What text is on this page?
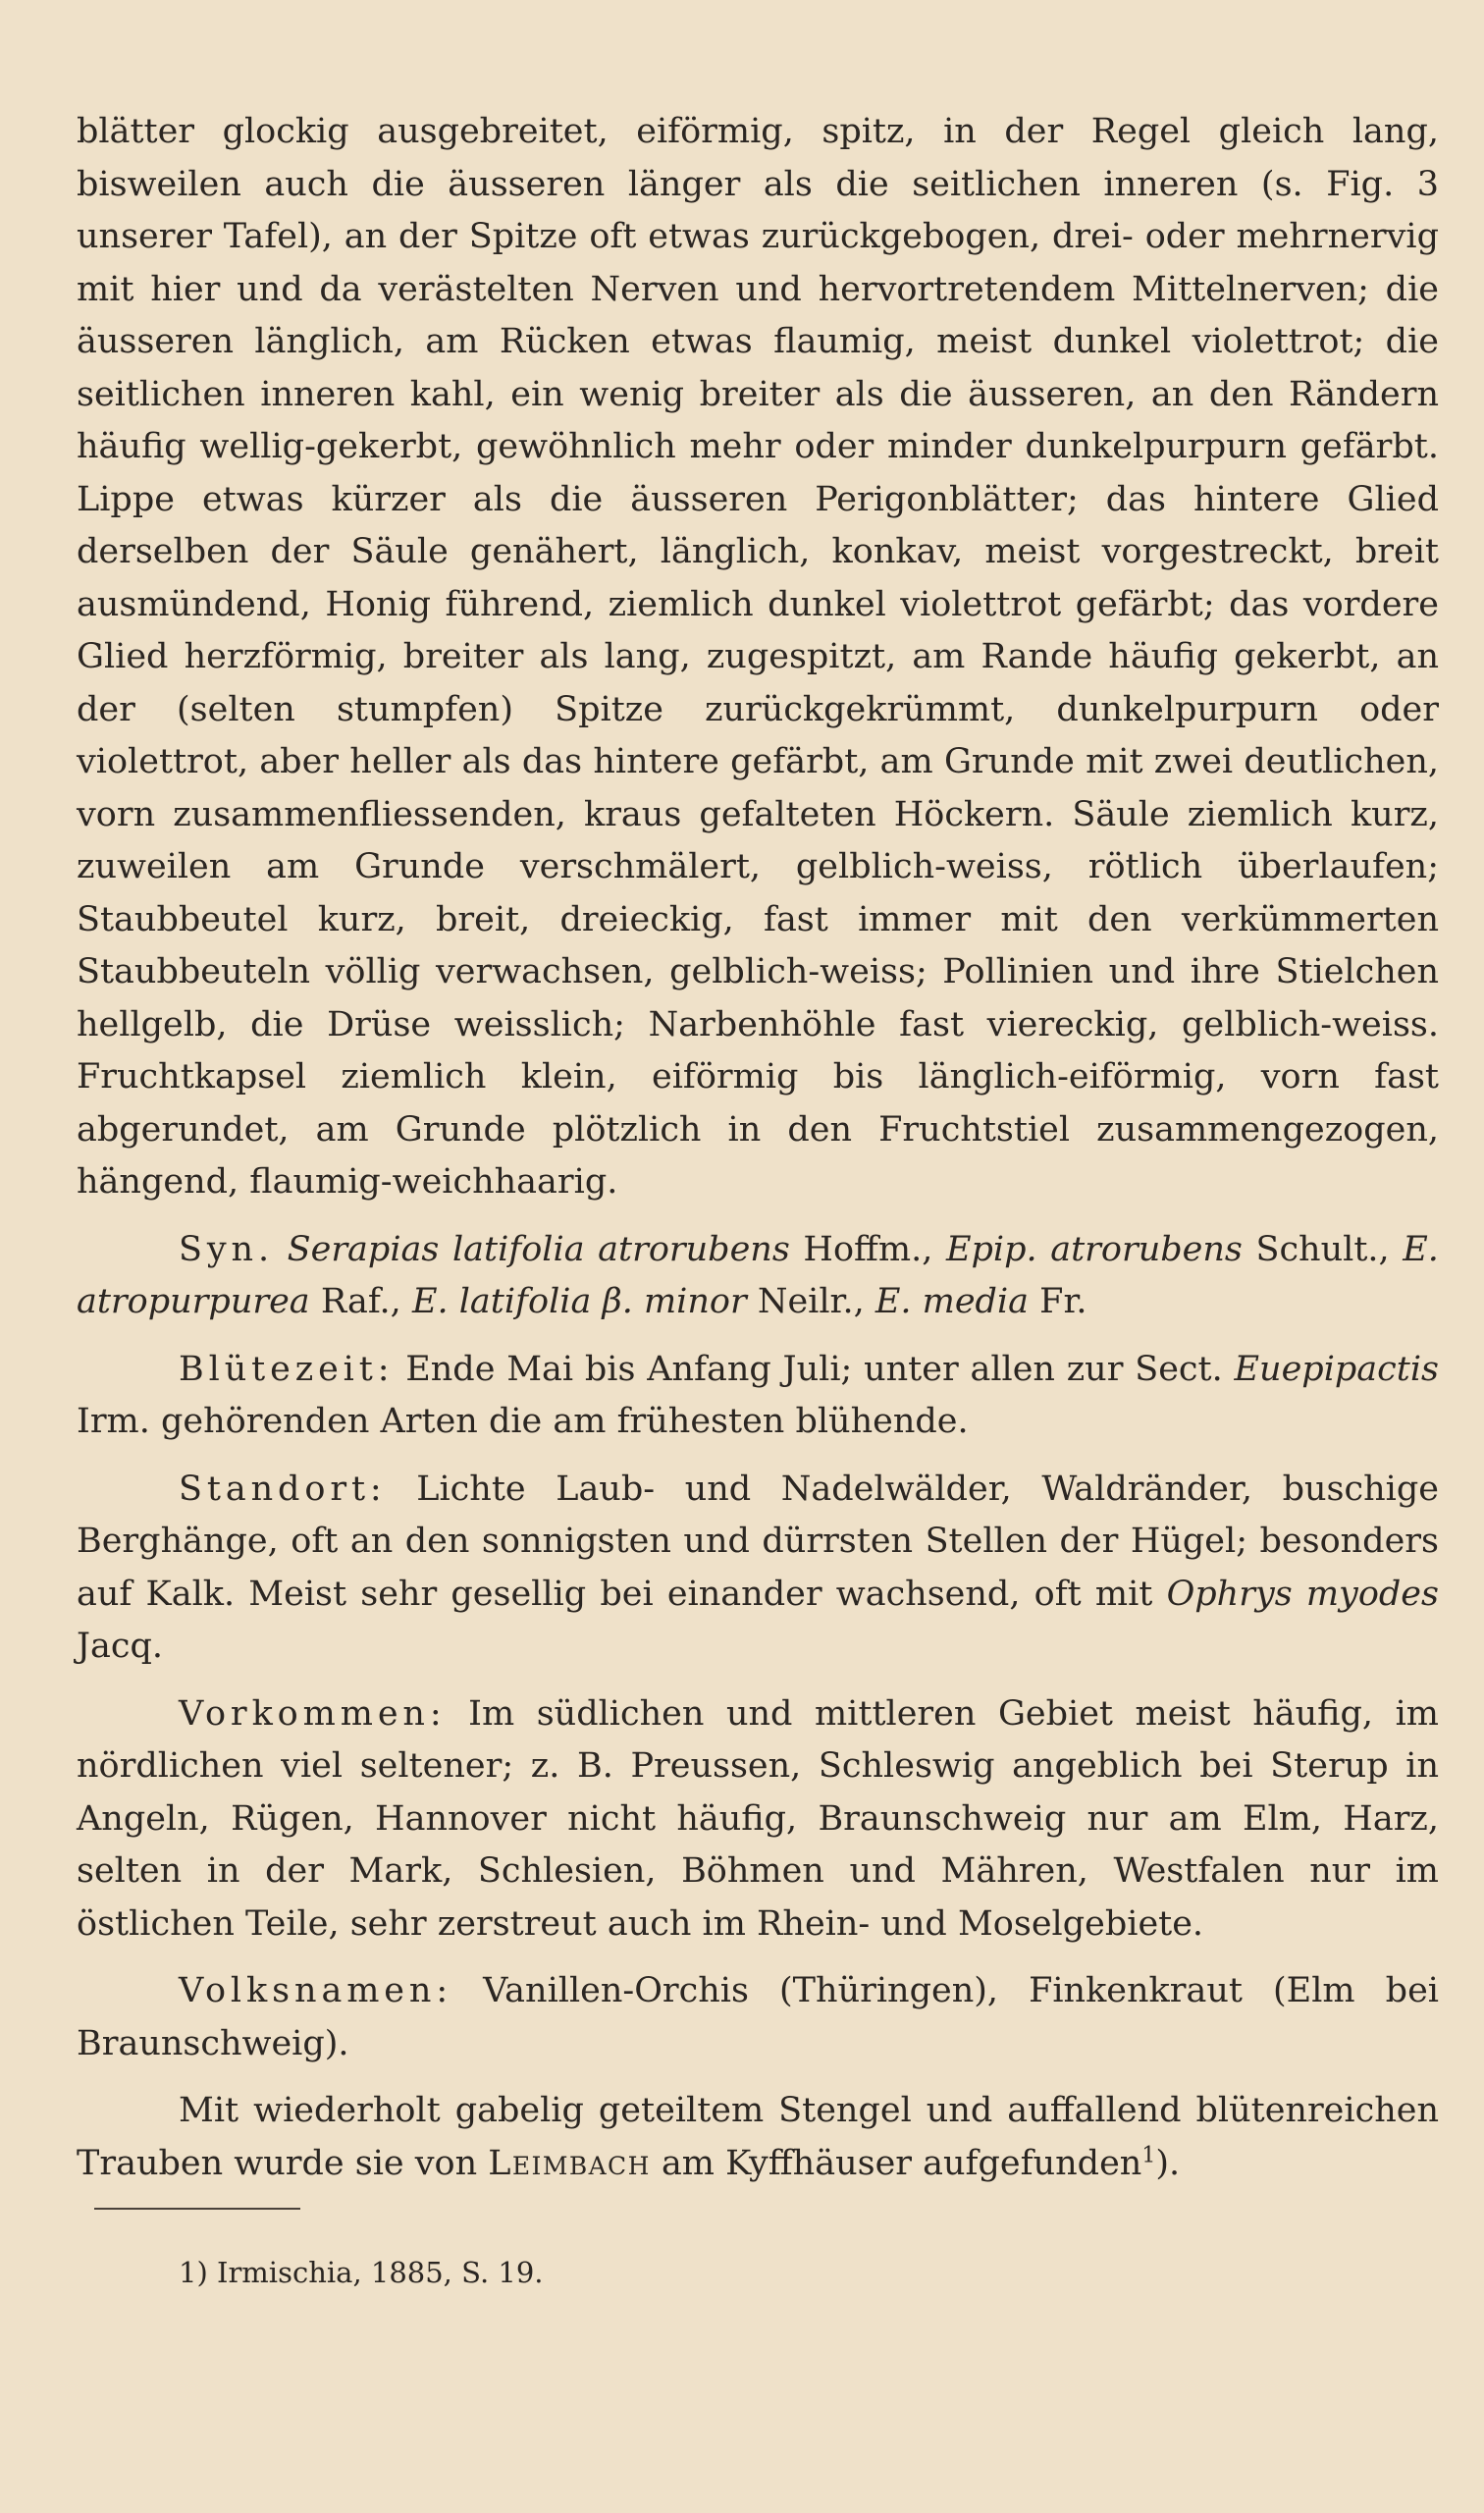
blätter glockig ausgebreitet, eiförmig, spitz, in der Regel gleich lang, bisweilen auch die äusseren länger als die seitlichen inneren (s. Fig. 3 unserer Tafel), an der Spitze oft etwas zurückgebogen, drei- oder mehrnervig mit hier und da verästelten Nerven und hervortretendem Mittelnerven; die äusseren länglich, am Rücken etwas flaumig, meist dunkel violettrot; die seitlichen inneren kahl, ein wenig breiter als die äusseren, an den Rändern häufig wellig-gekerbt, gewöhnlich mehr oder minder dunkelpurpurn gefärbt. Lippe etwas kürzer als die äusseren Perigonblätter; das hintere Glied derselben der Säule genähert, länglich, konkav, meist vorgestreckt, breit ausmündend, Honig führend, ziemlich dunkel violettrot gefärbt; das vordere Glied herzförmig, breiter als lang, zugespitzt, am Rande häufig gekerbt, an der (selten stumpfen) Spitze zurückgekrümmt, dunkelpurpurn oder violettrot, aber heller als das hintere gefärbt, am Grunde mit zwei deutlichen, vorn zusammenfliessenden, kraus gefalteten Höckern. Säule ziemlich kurz, zuweilen am Grunde verschmälert, gelblich-weiss, rötlich überlaufen; Staubbeutel kurz, breit, dreieckig, fast immer mit den verkümmerten Staubbeuteln völlig verwachsen, gelblich-weiss; Pollinien und ihre Stielchen hellgelb, die Drüse weisslich; Narbenhöhle fast viereckig, gelblich-weiss. Fruchtkapsel ziemlich klein, eiförmig bis länglich-eiförmig, vorn fast abgerundet, am Grunde plötzlich in den Fruchtstiel zusammengezogen, hängend, flaumig-weichhaarig.

Syn. Serapias latifolia atrorubens Hoffm., Epip. atrorubens Schult., E. atropurpurea Raf., E. latifolia β. minor Neilr., E. media Fr.

Blütezeit: Ende Mai bis Anfang Juli; unter allen zur Sect. Euepipactis Irm. gehörenden Arten die am frühesten blühende.

Standort: Lichte Laub- und Nadelwälder, Waldränder, buschige Berghänge, oft an den sonnigsten und dürrsten Stellen der Hügel; besonders auf Kalk. Meist sehr gesellig bei einander wachsend, oft mit Ophrys myodes Jacq.

Vorkommen: Im südlichen und mittleren Gebiet meist häufig, im nördlichen viel seltener; z. B. Preussen, Schleswig angeblich bei Sterup in Angeln, Rügen, Hannover nicht häufig, Braunschweig nur am Elm, Harz, selten in der Mark, Schlesien, Böhmen und Mähren, Westfalen nur im östlichen Teile, sehr zerstreut auch im Rhein- und Moselgebiete.

Volksnamen: Vanillen-Orchis (Thüringen), Finkenkraut (Elm bei Braunschweig).

Mit wiederholt gabelig geteiltem Stengel und auffallend blütenreichen Trauben wurde sie von Leimbach am Kyffhäuser aufgefunden$^1$).

1) Irmischia, 1885, S. 19.
